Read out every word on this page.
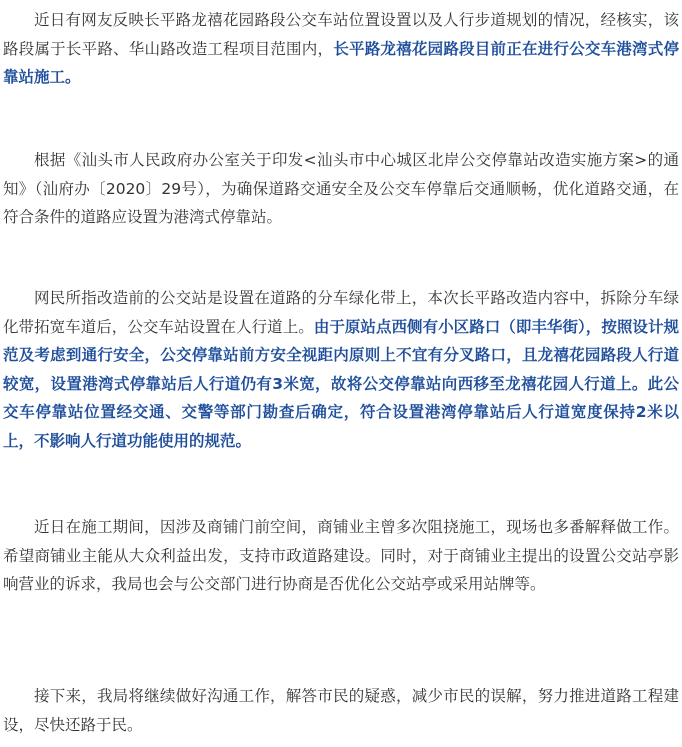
近日有网友反映长平路龙禧花园路段公交车站位置设置以及人行步道规划的情况，经核实，该路段属于长平路、华山路改造工程项目范围内，长平路龙禧花园路段目前正在进行公交车港湾式停靠站施工。

根据《汕头市人民政府办公室关于印发<汕头市中心城区北岸公交停靠站改造实施方案>的通知》（汕府办〔2020〕29号），为确保道路交通安全及公交车停靠后交通顺畅，优化道路交通，在符合条件的道路应设置为港湾式停靠站。

网民所指改造前的公交站是设置在道路的分车绿化带上，本次长平路改造内容中，拆除分车绿化带拓宽车道后，公交车站设置在人行道上。由于原站点西侧有小区路口（即丰华街），按照设计规范及考虑到通行安全，公交停靠站前方安全视距内原则上不宜有分叉路口，且龙禧花园路段人行道较宽，设置港湾式停靠站后人行道仍有3米宽，故将公交停靠站向西移至龙禧花园人行道上。此公交车停靠站位置经交通、交警等部门勘查后确定，符合设置港湾停靠站后人行道宽度保持2米以上，不影响人行道功能使用的规范。

近日在施工期间，因涉及商铺门前空间，商铺业主曾多次阻挠施工，现场也多番解释做工作。希望商铺业主能从大众利益出发，支持市政道路建设。同时，对于商铺业主提出的设置公交站亭影响营业的诉求，我局也会与公交部门进行协商是否优化公交站亭或采用站牌等。

接下来，我局将继续做好沟通工作，解答市民的疑惑，减少市民的误解，努力推进道路工程建设，尽快还路于民。
